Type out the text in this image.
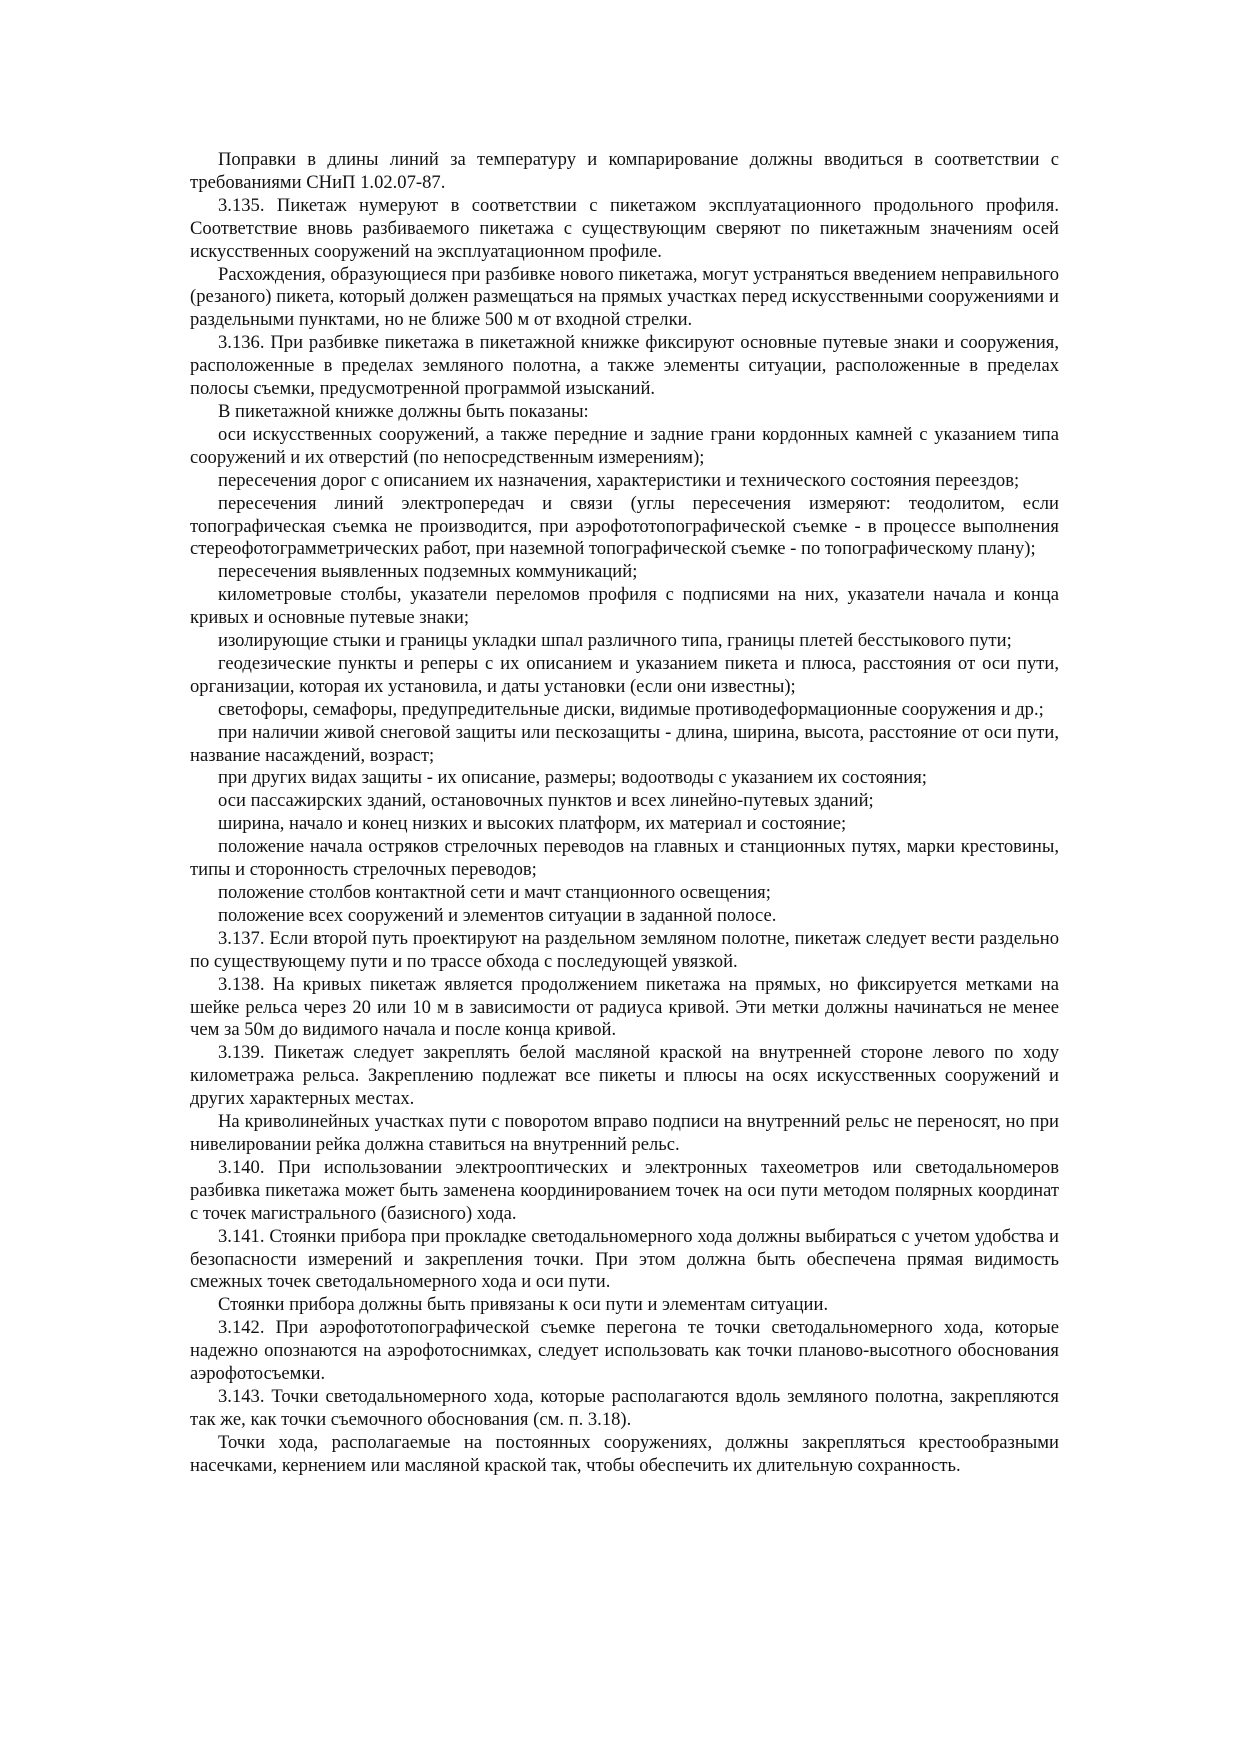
Поправки в длины линий за температуру и компарирование должны вводиться в соответствии с требованиями СНиП 1.02.07-87.

3.135. Пикетаж нумеруют в соответствии с пикетажом эксплуатационного продольного профиля. Соответствие вновь разбиваемого пикетажа с существующим сверяют по пикетажным значениям осей искусственных сооружений на эксплуатационном профиле.

Расхождения, образующиеся при разбивке нового пикетажа, могут устраняться введением неправильного (резаного) пикета, который должен размещаться на прямых участках перед искусственными сооружениями и раздельными пунктами, но не ближе 500 м от входной стрелки.

3.136. При разбивке пикетажа в пикетажной книжке фиксируют основные путевые знаки и сооружения, расположенные в пределах земляного полотна, а также элементы ситуации, расположенные в пределах полосы съемки, предусмотренной программой изысканий.

В пикетажной книжке должны быть показаны:

оси искусственных сооружений, а также передние и задние грани кордонных камней с указанием типа сооружений и их отверстий (по непосредственным измерениям);

пересечения дорог с описанием их назначения, характеристики и технического состояния переездов;

пересечения линий электропередач и связи (углы пересечения измеряют: теодолитом, если топографическая съемка не производится, при аэрофототопографической съемке - в процессе выполнения стереофотограмметрических работ, при наземной топографической съемке - по топографическому плану);

пересечения выявленных подземных коммуникаций;

километровые столбы, указатели переломов профиля с подписями на них, указатели начала и конца кривых и основные путевые знаки;

изолирующие стыки и границы укладки шпал различного типа, границы плетей бесстыкового пути;

геодезические пункты и реперы с их описанием и указанием пикета и плюса, расстояния от оси пути, организации, которая их установила, и даты установки (если они известны);

светофоры, семафоры, предупредительные диски, видимые противодеформационные сооружения и др.;

при наличии живой снеговой защиты или пескозащиты - длина, ширина, высота, расстояние от оси пути, название насаждений, возраст;

при других видах защиты - их описание, размеры; водоотводы с указанием их состояния;

оси пассажирских зданий, остановочных пунктов и всех линейно-путевых зданий;

ширина, начало и конец низких и высоких платформ, их материал и состояние;

положение начала остряков стрелочных переводов на главных и станционных путях, марки крестовины, типы и сторонность стрелочных переводов;

положение столбов контактной сети и мачт станционного освещения;

положение всех сооружений и элементов ситуации в заданной полосе.

3.137. Если второй путь проектируют на раздельном земляном полотне, пикетаж следует вести раздельно по существующему пути и по трассе обхода с последующей увязкой.

3.138. На кривых пикетаж является продолжением пикетажа на прямых, но фиксируется метками на шейке рельса через 20 или 10 м в зависимости от радиуса кривой. Эти метки должны начинаться не менее чем за 50м до видимого начала и после конца кривой.

3.139. Пикетаж следует закреплять белой масляной краской на внутренней стороне левого по ходу километража рельса. Закреплению подлежат все пикеты и плюсы на осях искусственных сооружений и других характерных местах.

На криволинейных участках пути с поворотом вправо подписи на внутренний рельс не переносят, но при нивелировании рейка должна ставиться на внутренний рельс.

3.140. При использовании электрооптических и электронных тахеометров или светодальномеров разбивка пикетажа может быть заменена координированием точек на оси пути методом полярных координат с точек магистрального (базисного) хода.

3.141. Стоянки прибора при прокладке светодальномерного хода должны выбираться с учетом удобства и безопасности измерений и закрепления точки. При этом должна быть обеспечена прямая видимость смежных точек светодальномерного хода и оси пути.

Стоянки прибора должны быть привязаны к оси пути и элементам ситуации.

3.142. При аэрофототопографической съемке перегона те точки светодальномерного хода, которые надежно опознаются на аэрофотоснимках, следует использовать как точки планово-высотного обоснования аэрофотосъемки.

3.143. Точки светодальномерного хода, которые располагаются вдоль земляного полотна, закрепляются так же, как точки съемочного обоснования (см. п. 3.18).

Точки хода, располагаемые на постоянных сооружениях, должны закрепляться крестообразными насечками, кернением или масляной краской так, чтобы обеспечить их длительную сохранность.
